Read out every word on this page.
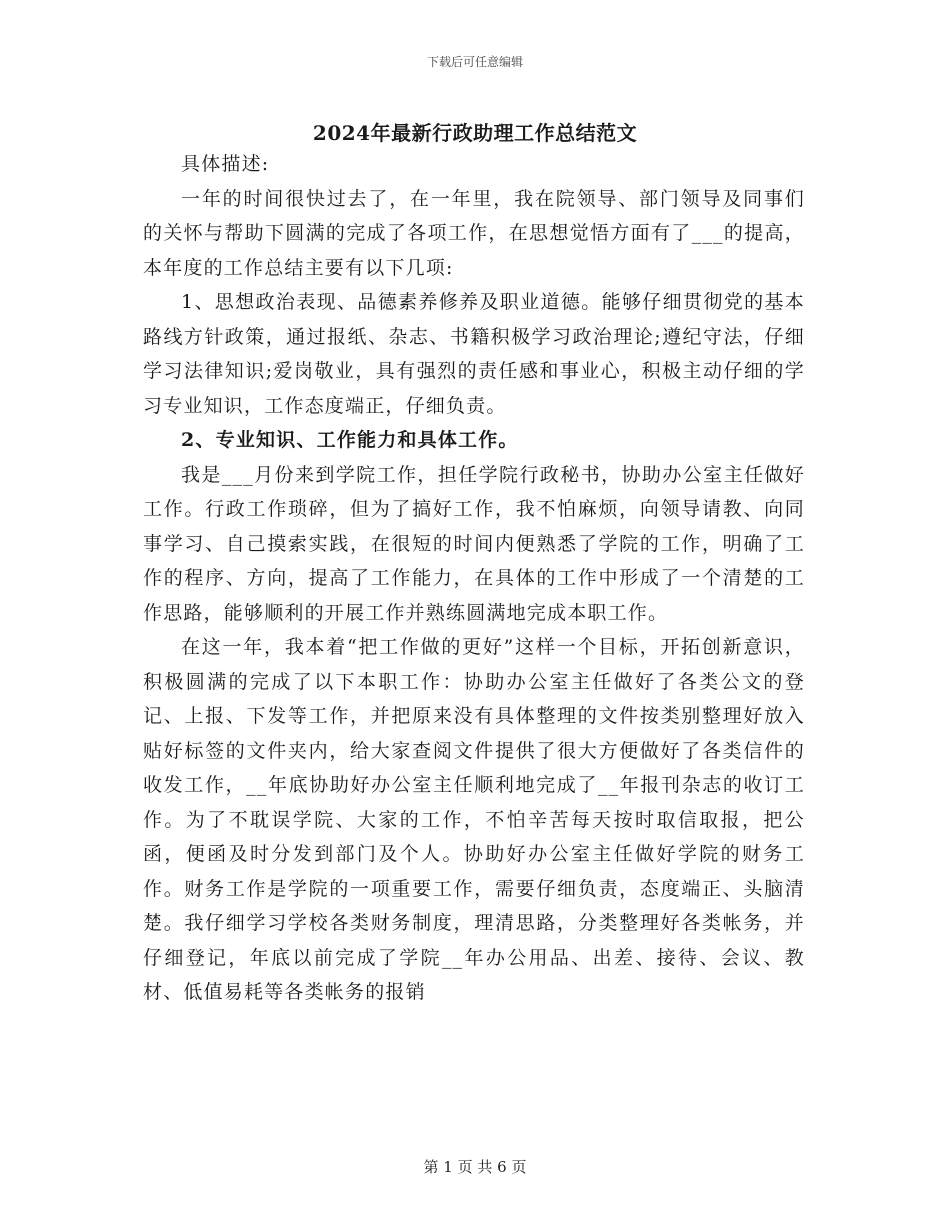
下载后可任意编辑
2024年最新行政助理工作总结范文

具体描述:

一年的时间很快过去了，在一年里，我在院领导、部门领导及同事们的关怀与帮助下圆满的完成了各项工作，在思想觉悟方面有了___的提高，本年度的工作总结主要有以下几项:

1、思想政治表现、品德素养修养及职业道德。能够仔细贯彻党的基本路线方针政策，通过报纸、杂志、书籍积极学习政治理论;遵纪守法，仔细学习法律知识;爱岗敬业，具有强烈的责任感和事业心，积极主动仔细的学习专业知识，工作态度端正，仔细负责。

2、专业知识、工作能力和具体工作。

我是___月份来到学院工作，担任学院行政秘书，协助办公室主任做好工作。行政工作琐碎，但为了搞好工作，我不怕麻烦，向领导请教、向同事学习、自己摸索实践，在很短的时间内便熟悉了学院的工作，明确了工作的程序、方向，提高了工作能力，在具体的工作中形成了一个清楚的工作思路，能够顺利的开展工作并熟练圆满地完成本职工作。

在这一年，我本着“把工作做的更好”这样一个目标，开拓创新意识，积极圆满的完成了以下本职工作：协助办公室主任做好了各类公文的登记、上报、下发等工作，并把原来没有具体整理的文件按类别整理好放入贴好标签的文件夹内，给大家查阅文件提供了很大方便做好了各类信件的收发工作，__年底协助好办公室主任顺利地完成了__年报刊杂志的收订工作。为了不耽误学院、大家的工作，不怕辛苦每天按时取信取报，把公函，便函及时分发到部门及个人。协助好办公室主任做好学院的财务工作。财务工作是学院的一项重要工作，需要仔细负责，态度端正、头脑清楚。我仔细学习学校各类财务制度，理清思路，分类整理好各类帐务，并仔细登记，年底以前完成了学院__年办公用品、出差、接待、会议、教材、低值易耗等各类帐务的报销

第 1 页 共 6 页
